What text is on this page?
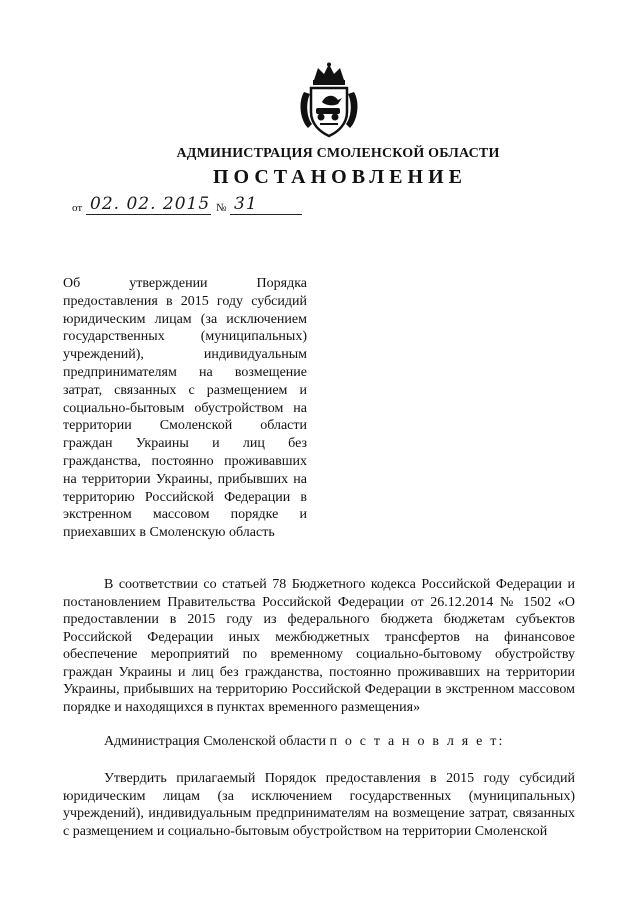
АДМИНИСТРАЦИЯ СМОЛЕНСКОЙ ОБЛАСТИ
ПОСТАНОВЛЕНИЕ
от 02. 02. 2015 № 31
Об утверждении Порядка предоставления в 2015 году субсидий юридическим лицам (за исключением государственных (муниципальных) учреждений), индивидуальным предпринимателям на возмещение затрат, связанных с размещением и социально-бытовым обустройством на территории Смоленской области граждан Украины и лиц без гражданства, постоянно проживавших на территории Украины, прибывших на территорию Российской Федерации в экстренном массовом порядке и приехавших в Смоленскую область
В соответствии со статьей 78 Бюджетного кодекса Российской Федерации и постановлением Правительства Российской Федерации от 26.12.2014 № 1502 «О предоставлении в 2015 году из федерального бюджета бюджетам субъектов Российской Федерации иных межбюджетных трансфертов на финансовое обеспечение мероприятий по временному социально-бытовому обустройству граждан Украины и лиц без гражданства, постоянно проживавших на территории Украины, прибывших на территорию Российской Федерации в экстренном массовом порядке и находящихся в пунктах временного размещения»
Администрация Смоленской области п о с т а н о в л я е т:
Утвердить прилагаемый Порядок предоставления в 2015 году субсидий юридическим лицам (за исключением государственных (муниципальных) учреждений), индивидуальным предпринимателям на возмещение затрат, связанных с размещением и социально-бытовым обустройством на территории Смоленской
